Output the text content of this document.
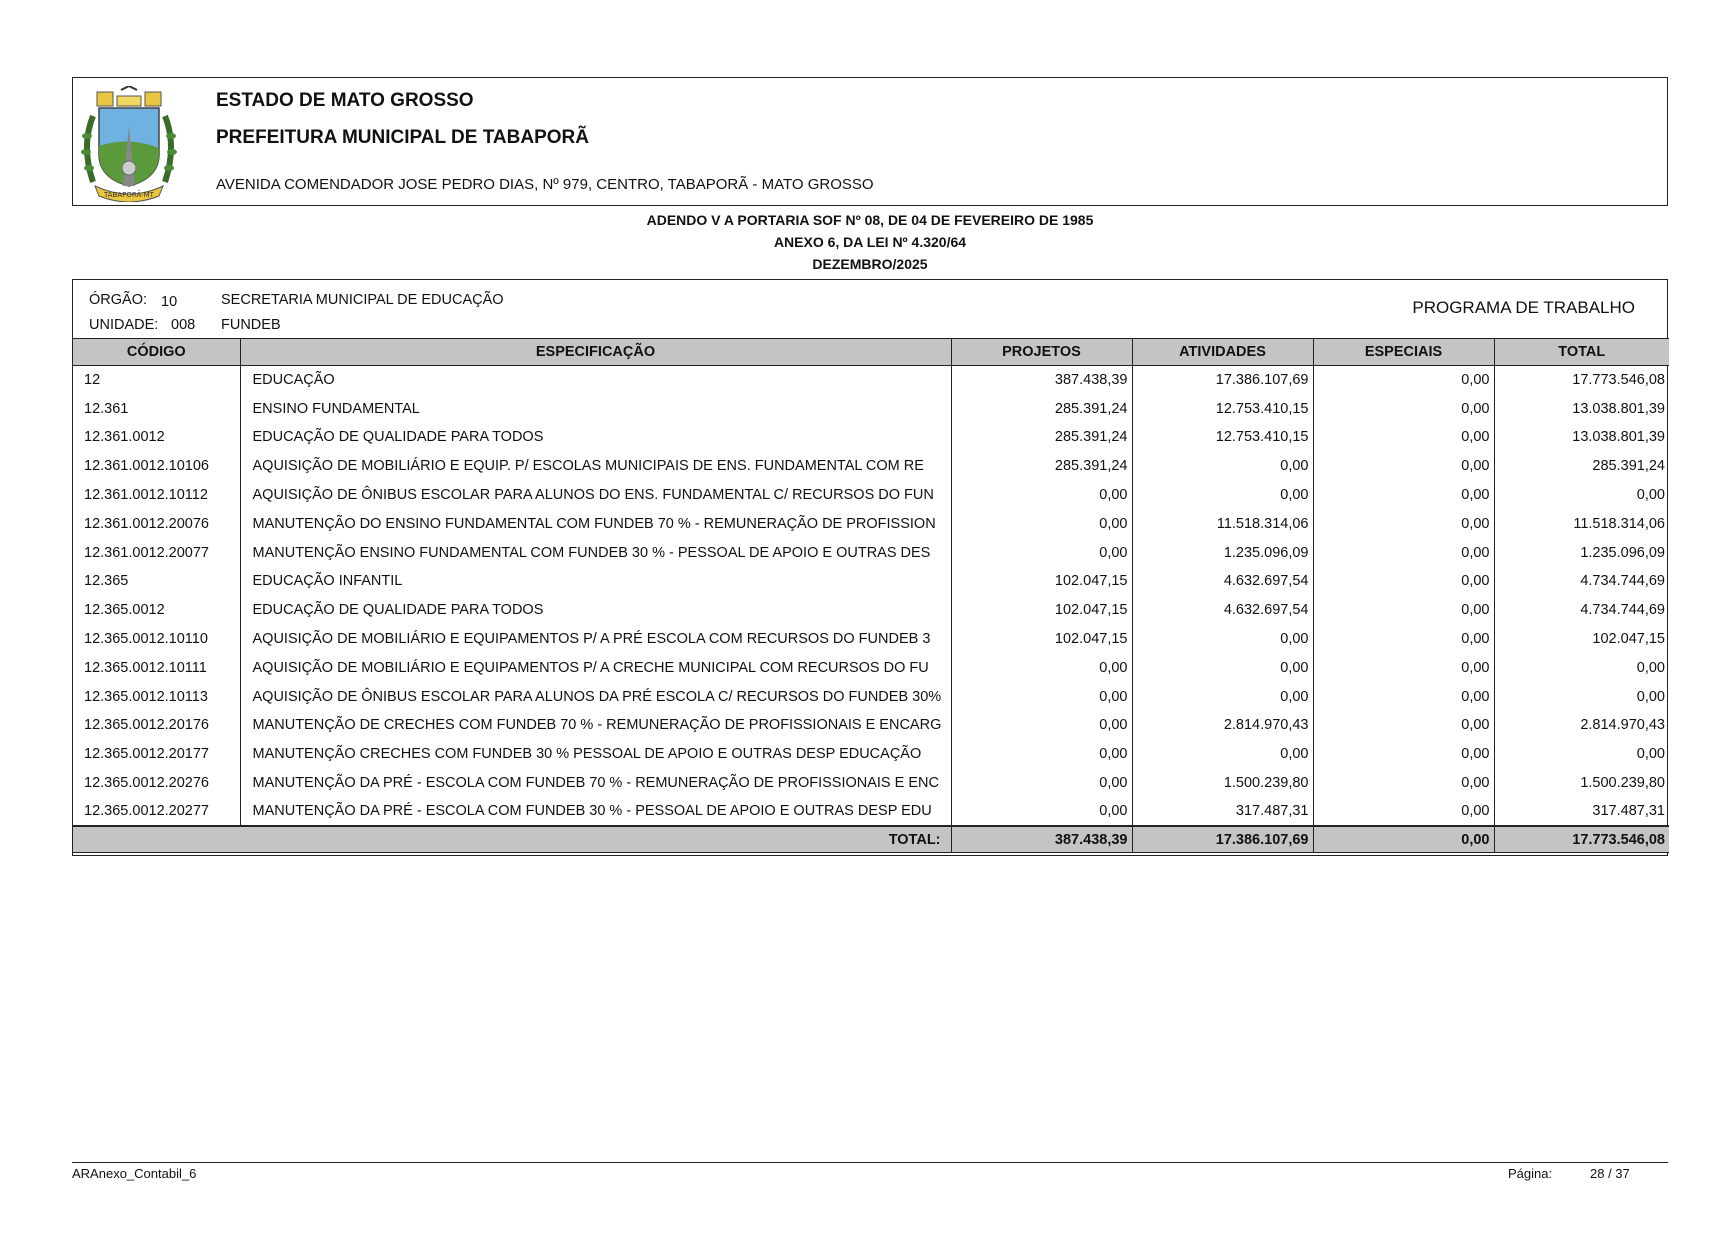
TABAPORÃ-MT
ESTADO DE MATO GROSSO
PREFEITURA MUNICIPAL DE TABAPORÃ
AVENIDA COMENDADOR JOSE PEDRO DIAS, Nº 979, CENTRO, TABAPORÃ - MATO GROSSO
ADENDO V A PORTARIA SOF Nº 08, DE 04 DE FEVEREIRO DE 1985
ANEXO 6, DA LEI Nº 4.320/64
DEZEMBRO/2025
ÓRGÃO: 10	SECRETARIA MUNICIPAL DE EDUCAÇÃO
UNIDADE: 008 FUNDEB
PROGRAMA DE TRABALHO
CÓDIGO	ESPECIFICAÇÃO	PROJETOS	ATIVIDADES	ESPECIAIS	TOTAL
12	EDUCAÇÃO	387.438,39	17.386.107,69	0,00	17.773.546,08
12.361	ENSINO FUNDAMENTAL	285.391,24	12.753.410,15	0,00	13.038.801,39
12.361.0012	EDUCAÇÃO DE QUALIDADE PARA TODOS	285.391,24	12.753.410,15	0,00	13.038.801,39
12.361.0012.10106	AQUISIÇÃO DE MOBILIÁRIO E EQUIP. P/ ESCOLAS MUNICIPAIS DE ENS. FUNDAMENTAL COM RE	285.391,24	0,00	0,00	285.391,24
12.361.0012.10112	AQUISIÇÃO DE ÔNIBUS ESCOLAR PARA ALUNOS DO ENS. FUNDAMENTAL C/ RECURSOS DO FUN	0,00	0,00	0,00	0,00
12.361.0012.20076	MANUTENÇÃO DO ENSINO FUNDAMENTAL COM FUNDEB 70 % - REMUNERAÇÃO DE PROFISSION	0,00	11.518.314,06	0,00	11.518.314,06
12.361.0012.20077	MANUTENÇÃO ENSINO FUNDAMENTAL COM FUNDEB 30 % - PESSOAL DE APOIO E OUTRAS DES	0,00	1.235.096,09	0,00	1.235.096,09
12.365	EDUCAÇÃO INFANTIL	102.047,15	4.632.697,54	0,00	4.734.744,69
12.365.0012	EDUCAÇÃO DE QUALIDADE PARA TODOS	102.047,15	4.632.697,54	0,00	4.734.744,69
12.365.0012.10110	AQUISIÇÃO DE MOBILIÁRIO E EQUIPAMENTOS P/ A PRÉ ESCOLA COM RECURSOS DO FUNDEB 3	102.047,15	0,00	0,00	102.047,15
12.365.0012.10111	AQUISIÇÃO DE MOBILIÁRIO E EQUIPAMENTOS P/ A CRECHE MUNICIPAL COM RECURSOS DO FU	0,00	0,00	0,00	0,00
12.365.0012.10113	AQUISIÇÃO DE ÔNIBUS ESCOLAR PARA ALUNOS DA PRÉ ESCOLA C/ RECURSOS DO FUNDEB 30%	0,00	0,00	0,00	0,00
12.365.0012.20176	MANUTENÇÃO DE CRECHES COM FUNDEB 70 % - REMUNERAÇÃO DE PROFISSIONAIS E ENCARG	0,00	2.814.970,43	0,00	2.814.970,43
12.365.0012.20177	MANUTENÇÃO CRECHES COM FUNDEB 30 % PESSOAL DE APOIO E OUTRAS DESP EDUCAÇÃO	0,00	0,00	0,00	0,00
12.365.0012.20276	MANUTENÇÃO DA PRÉ - ESCOLA COM FUNDEB 70 % - REMUNERAÇÃO DE PROFISSIONAIS E ENC	0,00	1.500.239,80	0,00	1.500.239,80
12.365.0012.20277	MANUTENÇÃO DA PRÉ - ESCOLA COM FUNDEB 30 % - PESSOAL DE APOIO E OUTRAS DESP EDU	0,00	317.487,31	0,00	317.487,31
TOTAL:		387.438,39	17.386.107,69	0,00	17.773.546,08
ARAnexo_Contabil_6	Página:	28 / 37
